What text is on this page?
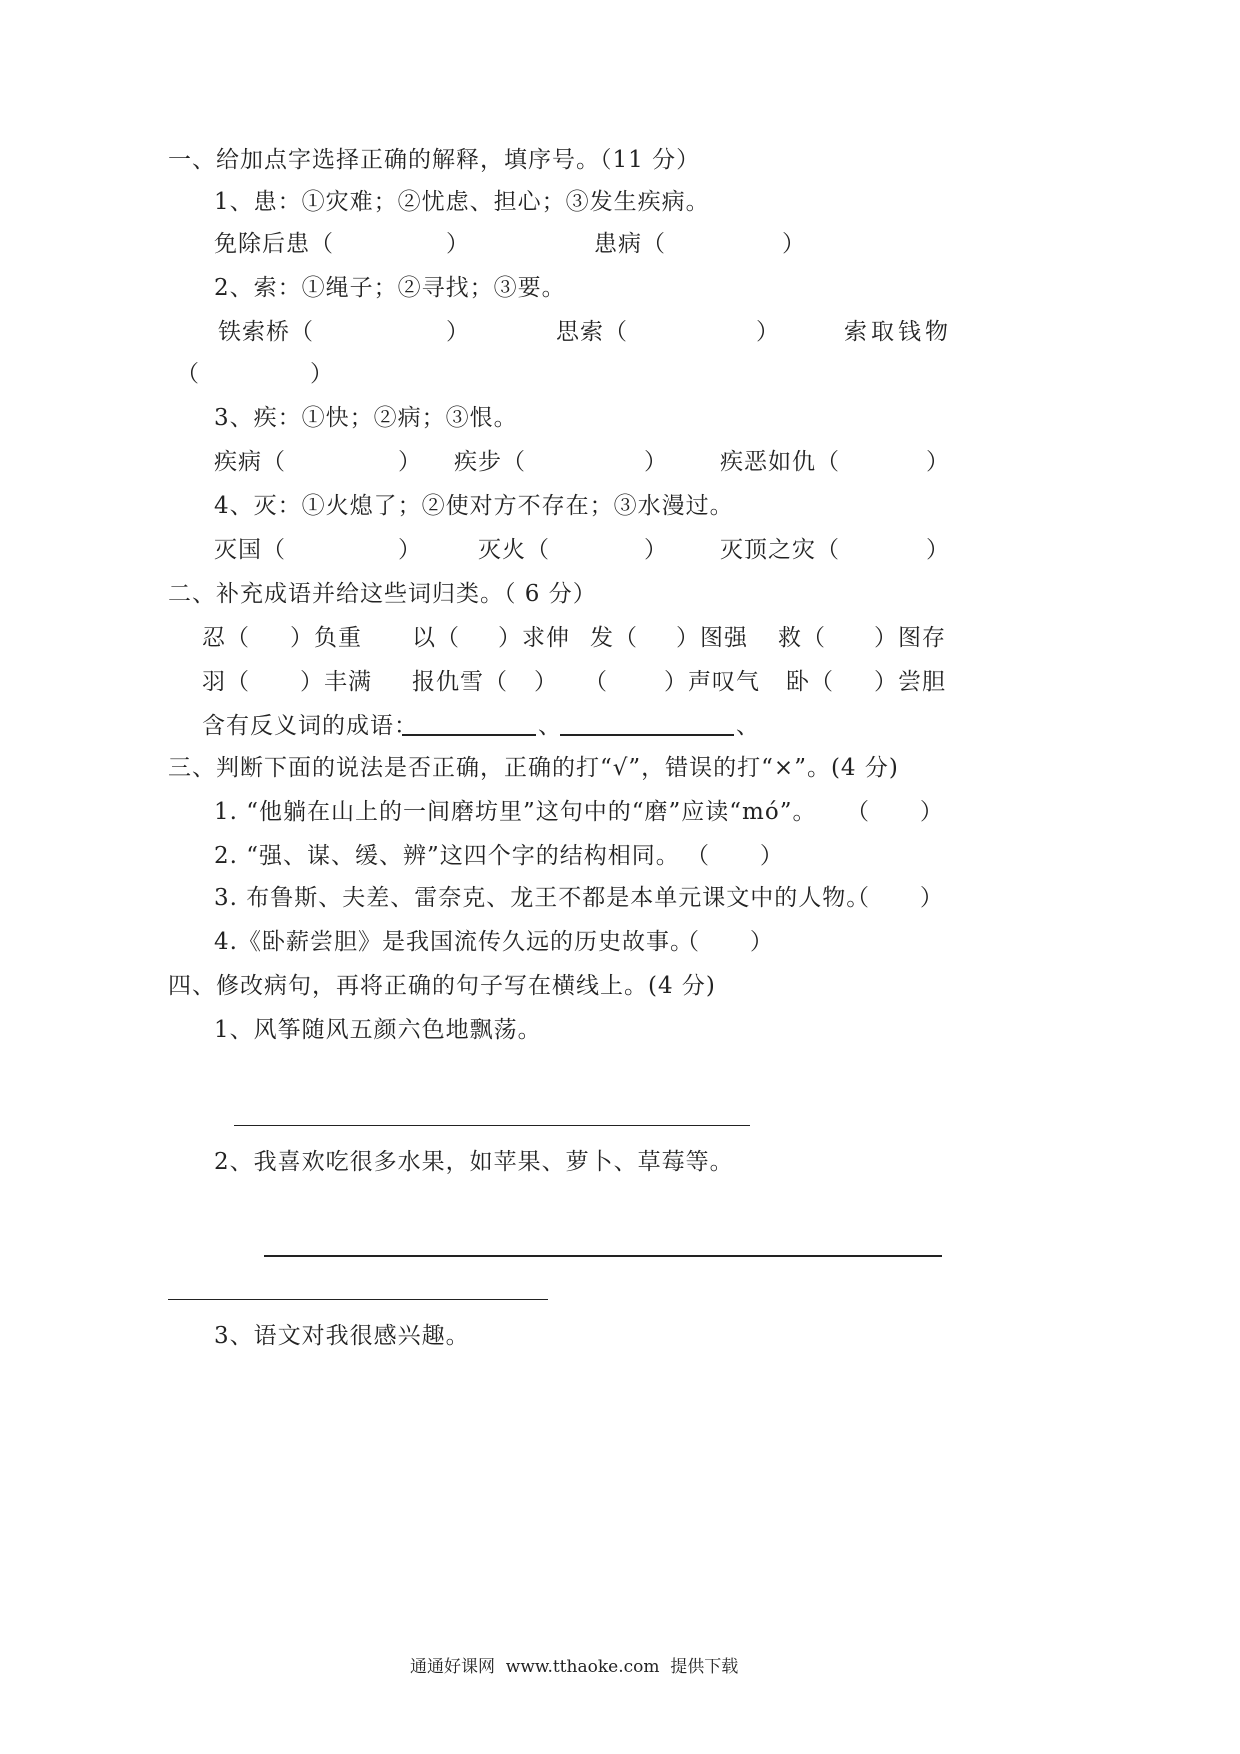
一、给加点字选择正确的解释，填序号。（11 分）
1、患：①灾难；②忧虑、担心；③发生疾病。
免除后患（	）	患病（	）
2、索：①绳子；②寻找；③要。
铁索桥（	）	思索（	）	索取钱物
（	）
3、疾：①快；②病；③恨。
疾病（	） 疾步（	） 疾恶如仇（	）
4、灭：①火熄了；②使对方不存在；③水漫过。
灭国（	） 灭火（	） 灭顶之灾（	）
二、补充成语并给这些词归类。（ 6 分）
忍（ ）负重 以（ ）求伸 发（ ）图强 救（ ）图存
羽（ ）丰满 报仇雪（ ） （ ）声叹气 卧（ ）尝胆
含有反义词的成语：	、	、
三、判断下面的说法是否正确，正确的打“√”，错误的打“×”。(4 分)
1. “他躺在山上的一间磨坊里”这句中的“磨”应读“mó”。 （      ）
2. “强、谋、缓、辨”这四个字的结构相同。 （      ）
3. 布鲁斯、夫差、雷奈克、龙王不都是本单元课文中的人物。
（      ）
4.《卧薪尝胆》是我国流传久远的历史故事。
（      ）
四、修改病句，再将正确的句子写在横线上。(4 分)
1、风筝随风五颜六色地飘荡。
2、我喜欢吃很多水果，如苹果、萝卜、草莓等。
3、语文对我很感兴趣。
通通好课网  www.tthaoke.com  提供下载
